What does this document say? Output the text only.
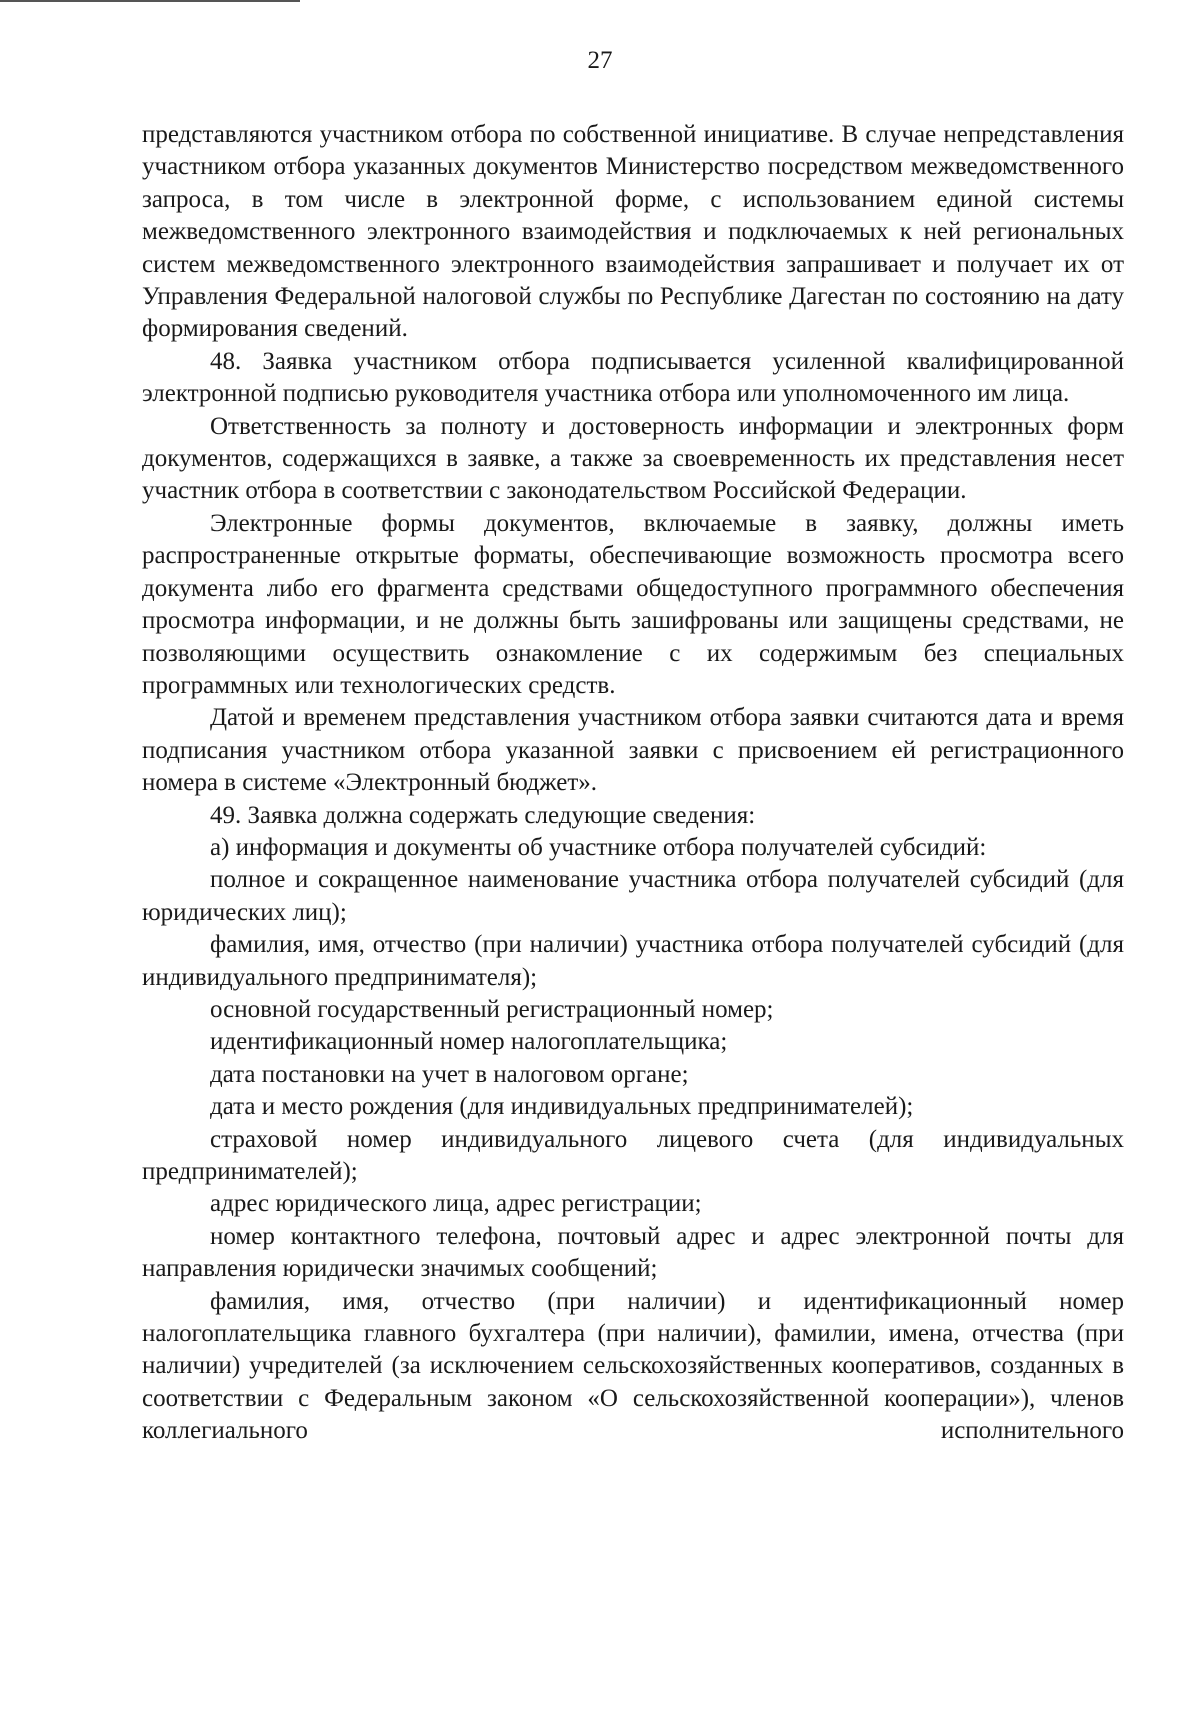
27

представляются участником отбора по собственной инициативе. В случае непредставления участником отбора указанных документов Министерство посредством межведомственного запроса, в том числе в электронной форме, с использованием единой системы межведомственного электронного взаимодействия и подключаемых к ней региональных систем межведомственного электронного взаимодействия запрашивает и получает их от Управления Федеральной налоговой службы по Республике Дагестан по состоянию на дату формирования сведений.

48. Заявка участником отбора подписывается усиленной квалифицированной электронной подписью руководителя участника отбора или уполномоченного им лица.

Ответственность за полноту и достоверность информации и электронных форм документов, содержащихся в заявке, а также за своевременность их представления несет участник отбора в соответствии с законодательством Российской Федерации.

Электронные формы документов, включаемые в заявку, должны иметь распространенные открытые форматы, обеспечивающие возможность просмотра всего документа либо его фрагмента средствами общедоступного программного обеспечения просмотра информации, и не должны быть зашифрованы или защищены средствами, не позволяющими осуществить ознакомление с их содержимым без специальных программных или технологических средств.

Датой и временем представления участником отбора заявки считаются дата и время подписания участником отбора указанной заявки с присвоением ей регистрационного номера в системе «Электронный бюджет».

49. Заявка должна содержать следующие сведения:

а) информация и документы об участнике отбора получателей субсидий:

полное и сокращенное наименование участника отбора получателей субсидий (для юридических лиц);

фамилия, имя, отчество (при наличии) участника отбора получателей субсидий (для индивидуального предпринимателя);

основной государственный регистрационный номер;

идентификационный номер налогоплательщика;

дата постановки на учет в налоговом органе;

дата и место рождения (для индивидуальных предпринимателей);

страховой номер индивидуального лицевого счета (для индивидуальных предпринимателей);

адрес юридического лица, адрес регистрации;

номер контактного телефона, почтовый адрес и адрес электронной почты для направления юридически значимых сообщений;

фамилия, имя, отчество (при наличии) и идентификационный номер налогоплательщика главного бухгалтера (при наличии), фамилии, имена, отчества (при наличии) учредителей (за исключением сельскохозяйственных кооперативов, созданных в соответствии с Федеральным законом «О сельскохозяйственной кооперации»), членов коллегиального исполнительного
